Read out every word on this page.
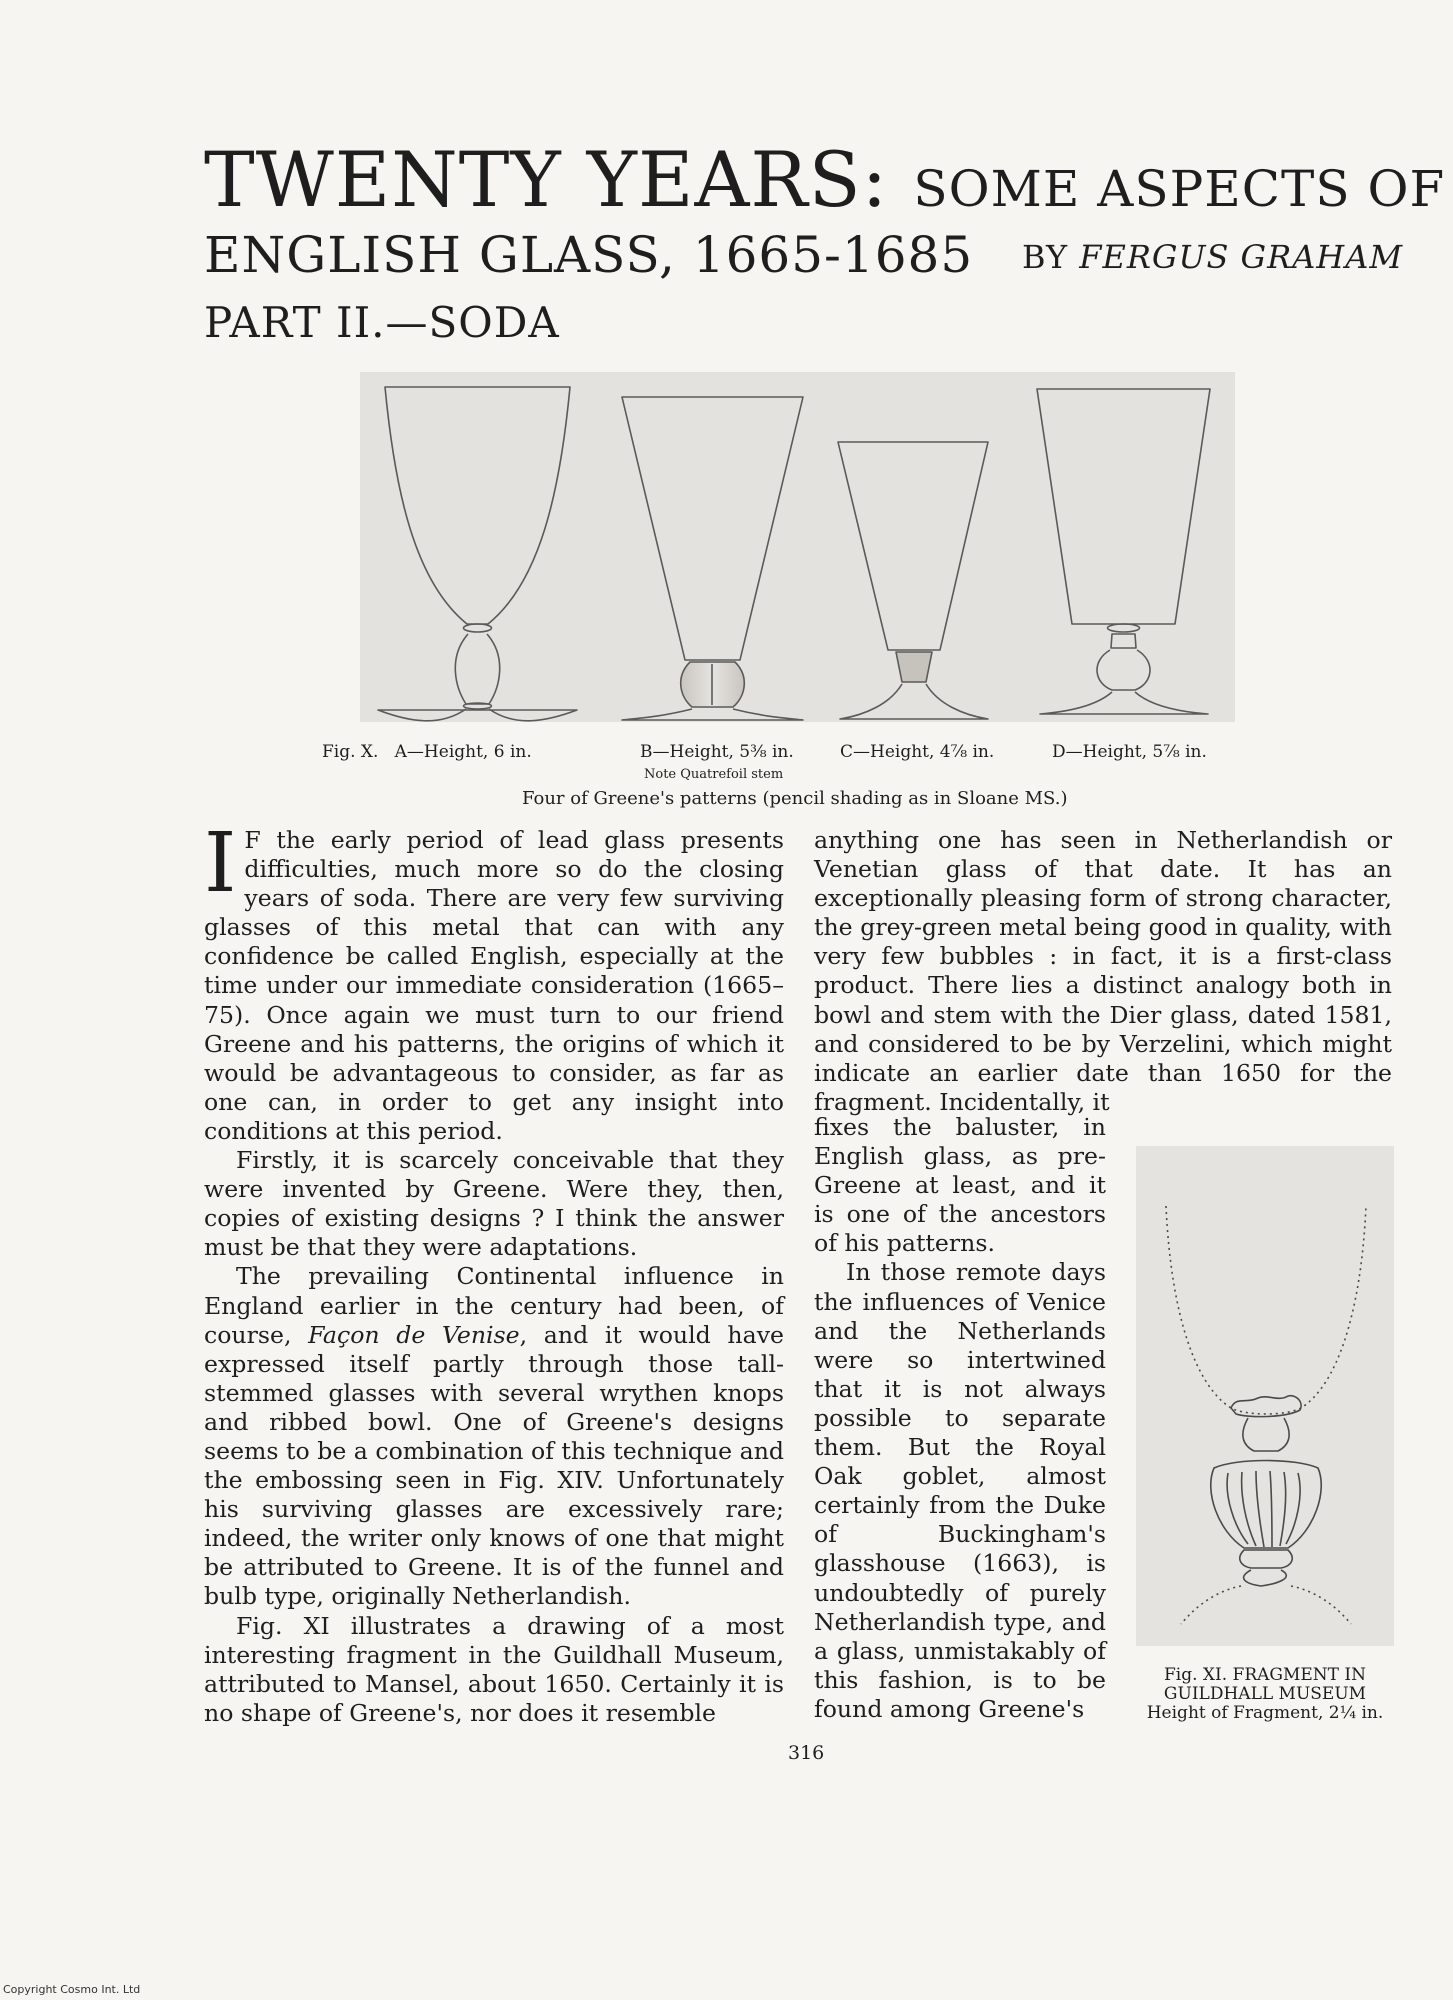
TWENTY YEARS: SOME ASPECTS OF
ENGLISH GLASS, 1665-1685 BY FERGUS GRAHAM
PART II.—SODA
Fig. X. A—Height, 6 in.	B—Height, 5⅜ in.	C—Height, 4⅞ in.	D—Height, 5⅞ in.
Note Quatrefoil stem
Four of Greene's patterns (pencil shading as in Sloane MS.)

I F the early period of lead glass presents difficulties, much more so do the closing years of soda. There are very few surviving glasses of this metal that can with any confidence be called English, especially at the time under our immediate consideration (1665–75). Once again we must turn to our friend Greene and his patterns, the origins of which it would be advantageous to consider, as far as one can, in order to get any insight into conditions at this period.

Firstly, it is scarcely conceivable that they were invented by Greene. Were they, then, copies of existing designs ? I think the answer must be that they were adaptations.

The prevailing Continental influence in England earlier in the century had been, of course, Façon de Venise, and it would have expressed itself partly through those tall-stemmed glasses with several wrythen knops and ribbed bowl. One of Greene's designs seems to be a combination of this technique and the embossing seen in Fig. XIV. Unfortunately his surviving glasses are excessively rare; indeed, the writer only knows of one that might be attributed to Greene. It is of the funnel and bulb type, originally Netherlandish.

Fig. XI illustrates a drawing of a most interesting fragment in the Guildhall Museum, attributed to Mansel, about 1650. Certainly it is no shape of Greene's, nor does it resemble

anything one has seen in Netherlandish or Venetian glass of that date. It has an exceptionally pleasing form of strong character, the grey-green metal being good in quality, with very few bubbles : in fact, it is a first-class product. There lies a distinct analogy both in bowl and stem with the Dier glass, dated 1581, and considered to be by Verzelini, which might indicate an earlier date than 1650 for the fragment. Incidentally, it

fixes the baluster, in English glass, as pre-Greene at least, and it is one of the ancestors of his patterns.

In those remote days the influences of Venice and the Netherlands were so intertwined that it is not always possible to separate them. But the Royal Oak goblet, almost certainly from the Duke of Buckingham's glasshouse (1663), is undoubtedly of purely Netherlandish type, and a glass, unmistakably of this fashion, is to be found among Greene's

Fig. XI. FRAGMENT IN
GUILDHALL MUSEUM
Height of Fragment, 2¼ in.
316
Copyright Cosmo Int. Ltd
